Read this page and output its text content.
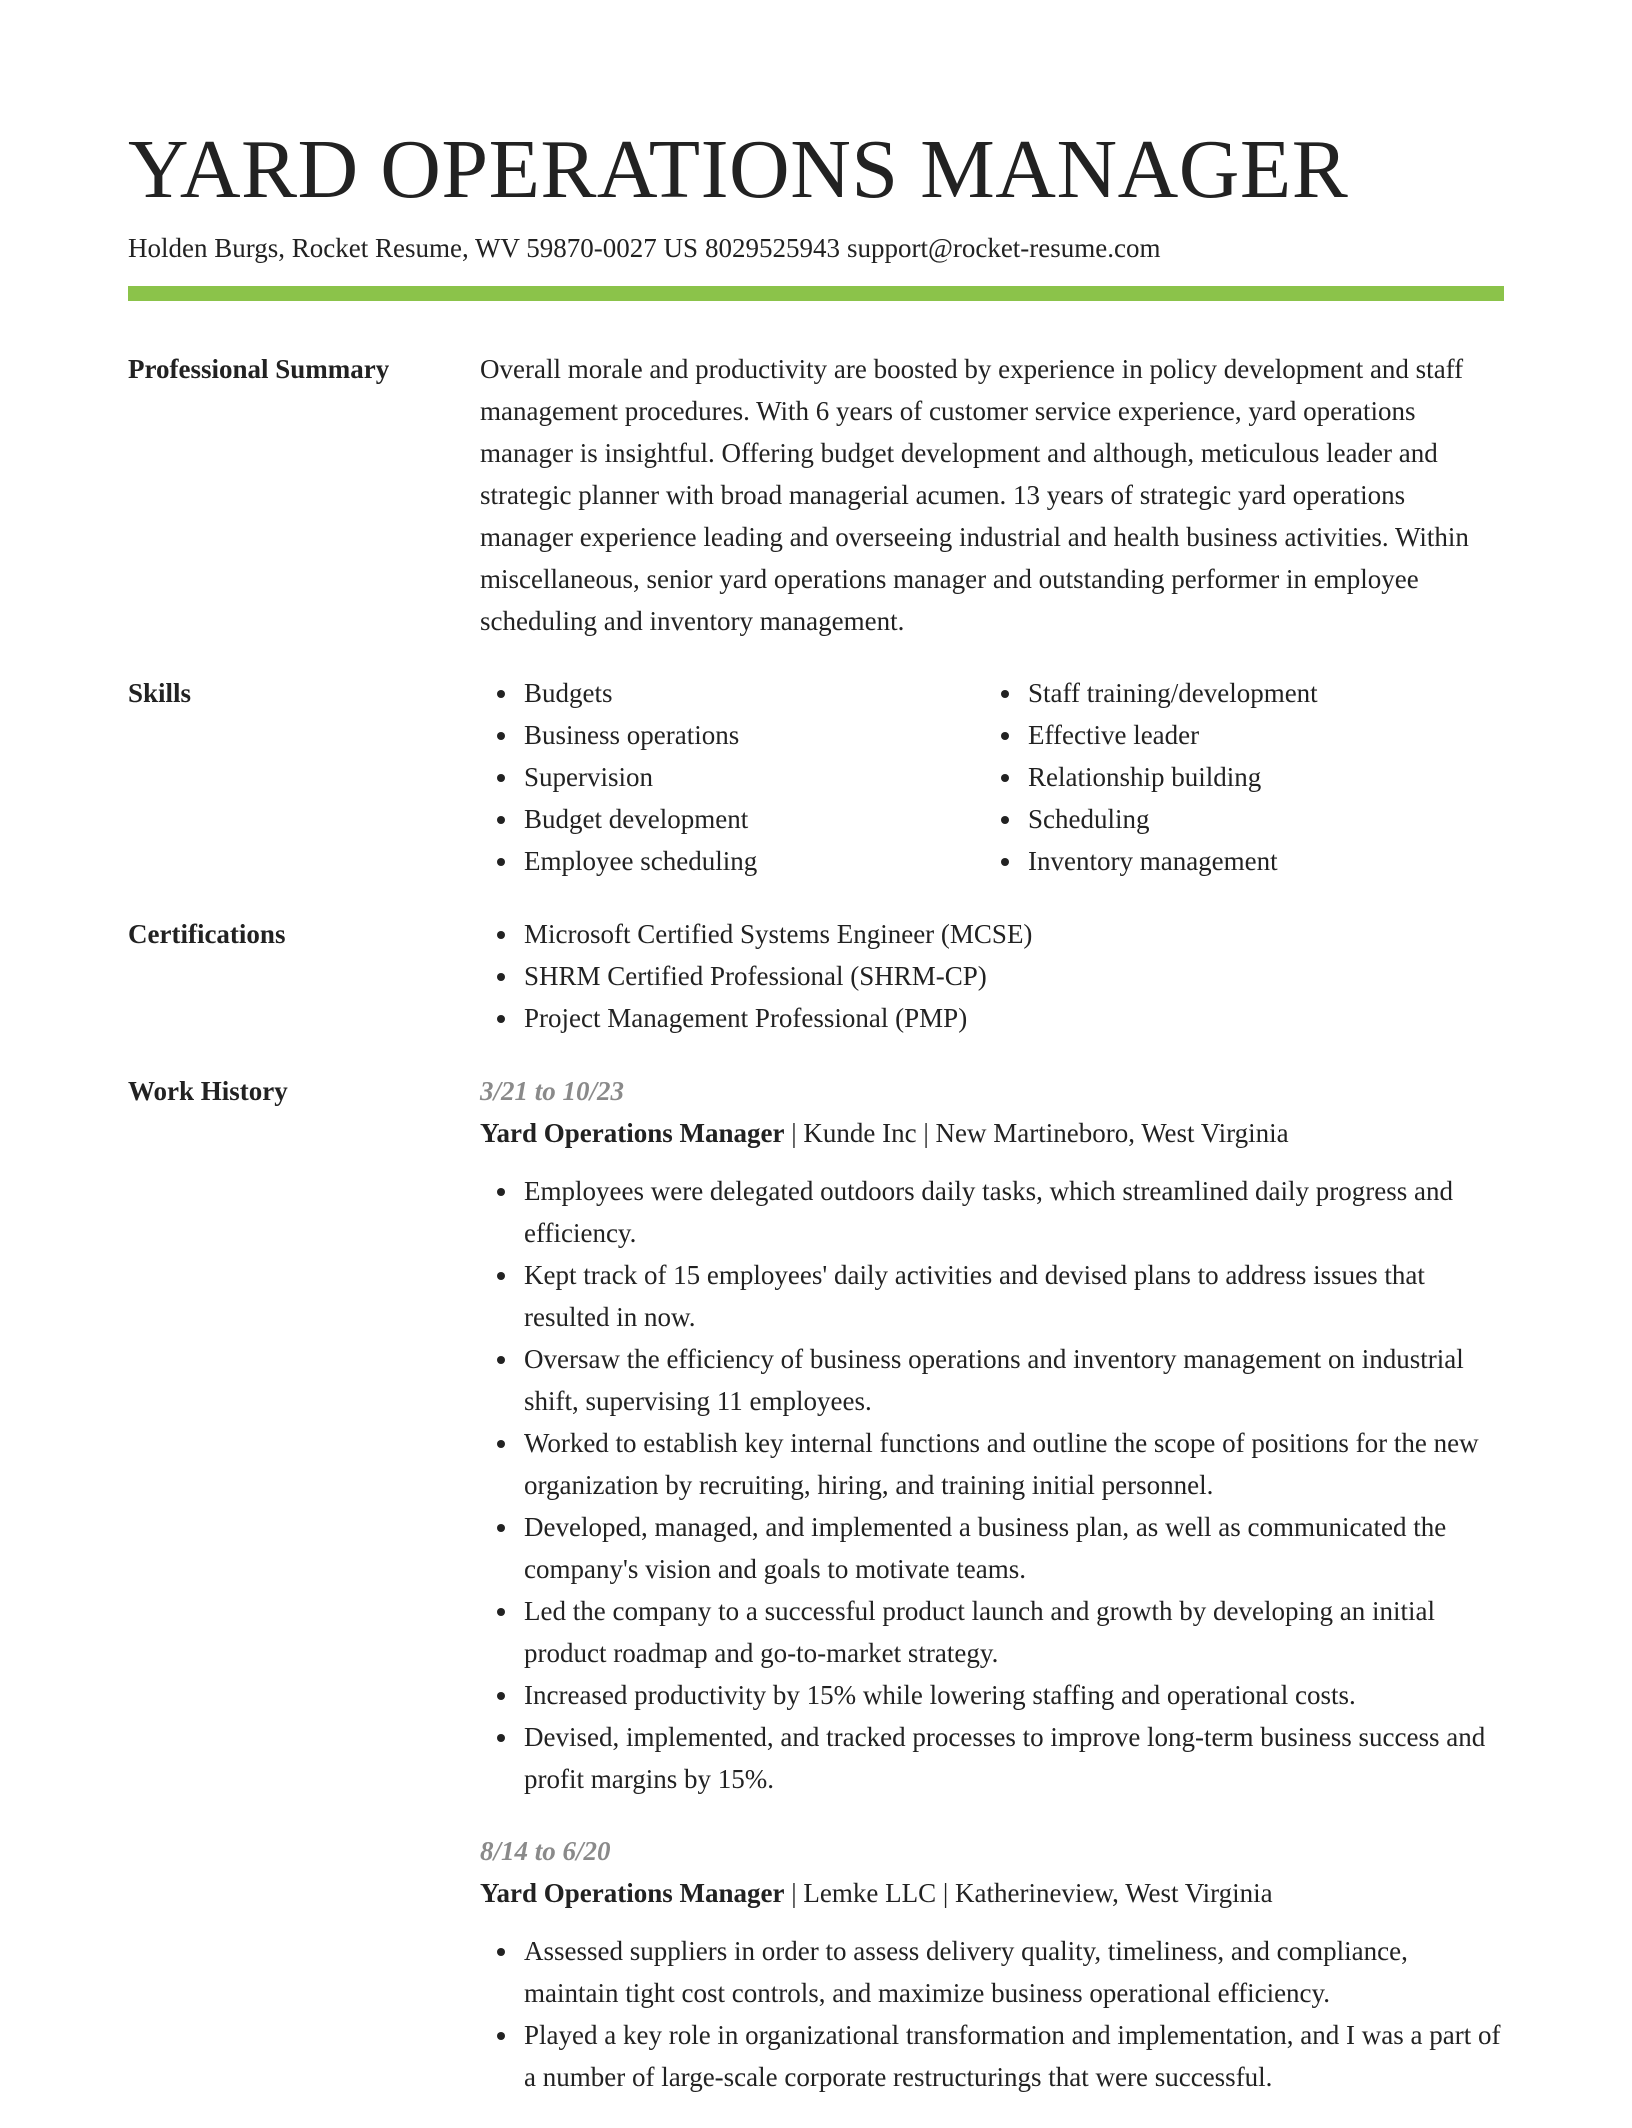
YARD OPERATIONS MANAGER
Holden Burgs, Rocket Resume, WV 59870-0027 US 8029525943 support@rocket-resume.com
Professional Summary	Overall morale and productivity are boosted by experience in policy development and staff management procedures. With 6 years of customer service experience, yard operations manager is insightful. Offering budget development and although, meticulous leader and strategic planner with broad managerial acumen. 13 years of strategic yard operations manager experience leading and overseeing industrial and health business activities. Within miscellaneous, senior yard operations manager and outstanding performer in employee scheduling and inventory management.

Skills	Budgets
Business operations
Supervision
Budget development
Employee scheduling
Staff training/development
Effective leader
Relationship building
Scheduling
Inventory management
Certifications	Microsoft Certified Systems Engineer (MCSE)
SHRM Certified Professional (SHRM-CP)
Project Management Professional (PMP)
Work History	3/21 to 10/23
Yard Operations Manager | Kunde Inc | New Martineboro, West Virginia
Employees were delegated outdoors daily tasks, which streamlined daily progress and efficiency.
Kept track of 15 employees' daily activities and devised plans to address issues that resulted in now.
Oversaw the efficiency of business operations and inventory management on industrial shift, supervising 11 employees.
Worked to establish key internal functions and outline the scope of positions for the new organization by recruiting, hiring, and training initial personnel.
Developed, managed, and implemented a business plan, as well as communicated the company's vision and goals to motivate teams.
Led the company to a successful product launch and growth by developing an initial product roadmap and go-to-market strategy.
Increased productivity by 15% while lowering staffing and operational costs.
Devised, implemented, and tracked processes to improve long-term business success and profit margins by 15%.
8/14 to 6/20
Yard Operations Manager | Lemke LLC | Katherineview, West Virginia
Assessed suppliers in order to assess delivery quality, timeliness, and compliance, maintain tight cost controls, and maximize business operational efficiency.
Played a key role in organizational transformation and implementation, and I was a part of a number of large-scale corporate restructurings that were successful.
